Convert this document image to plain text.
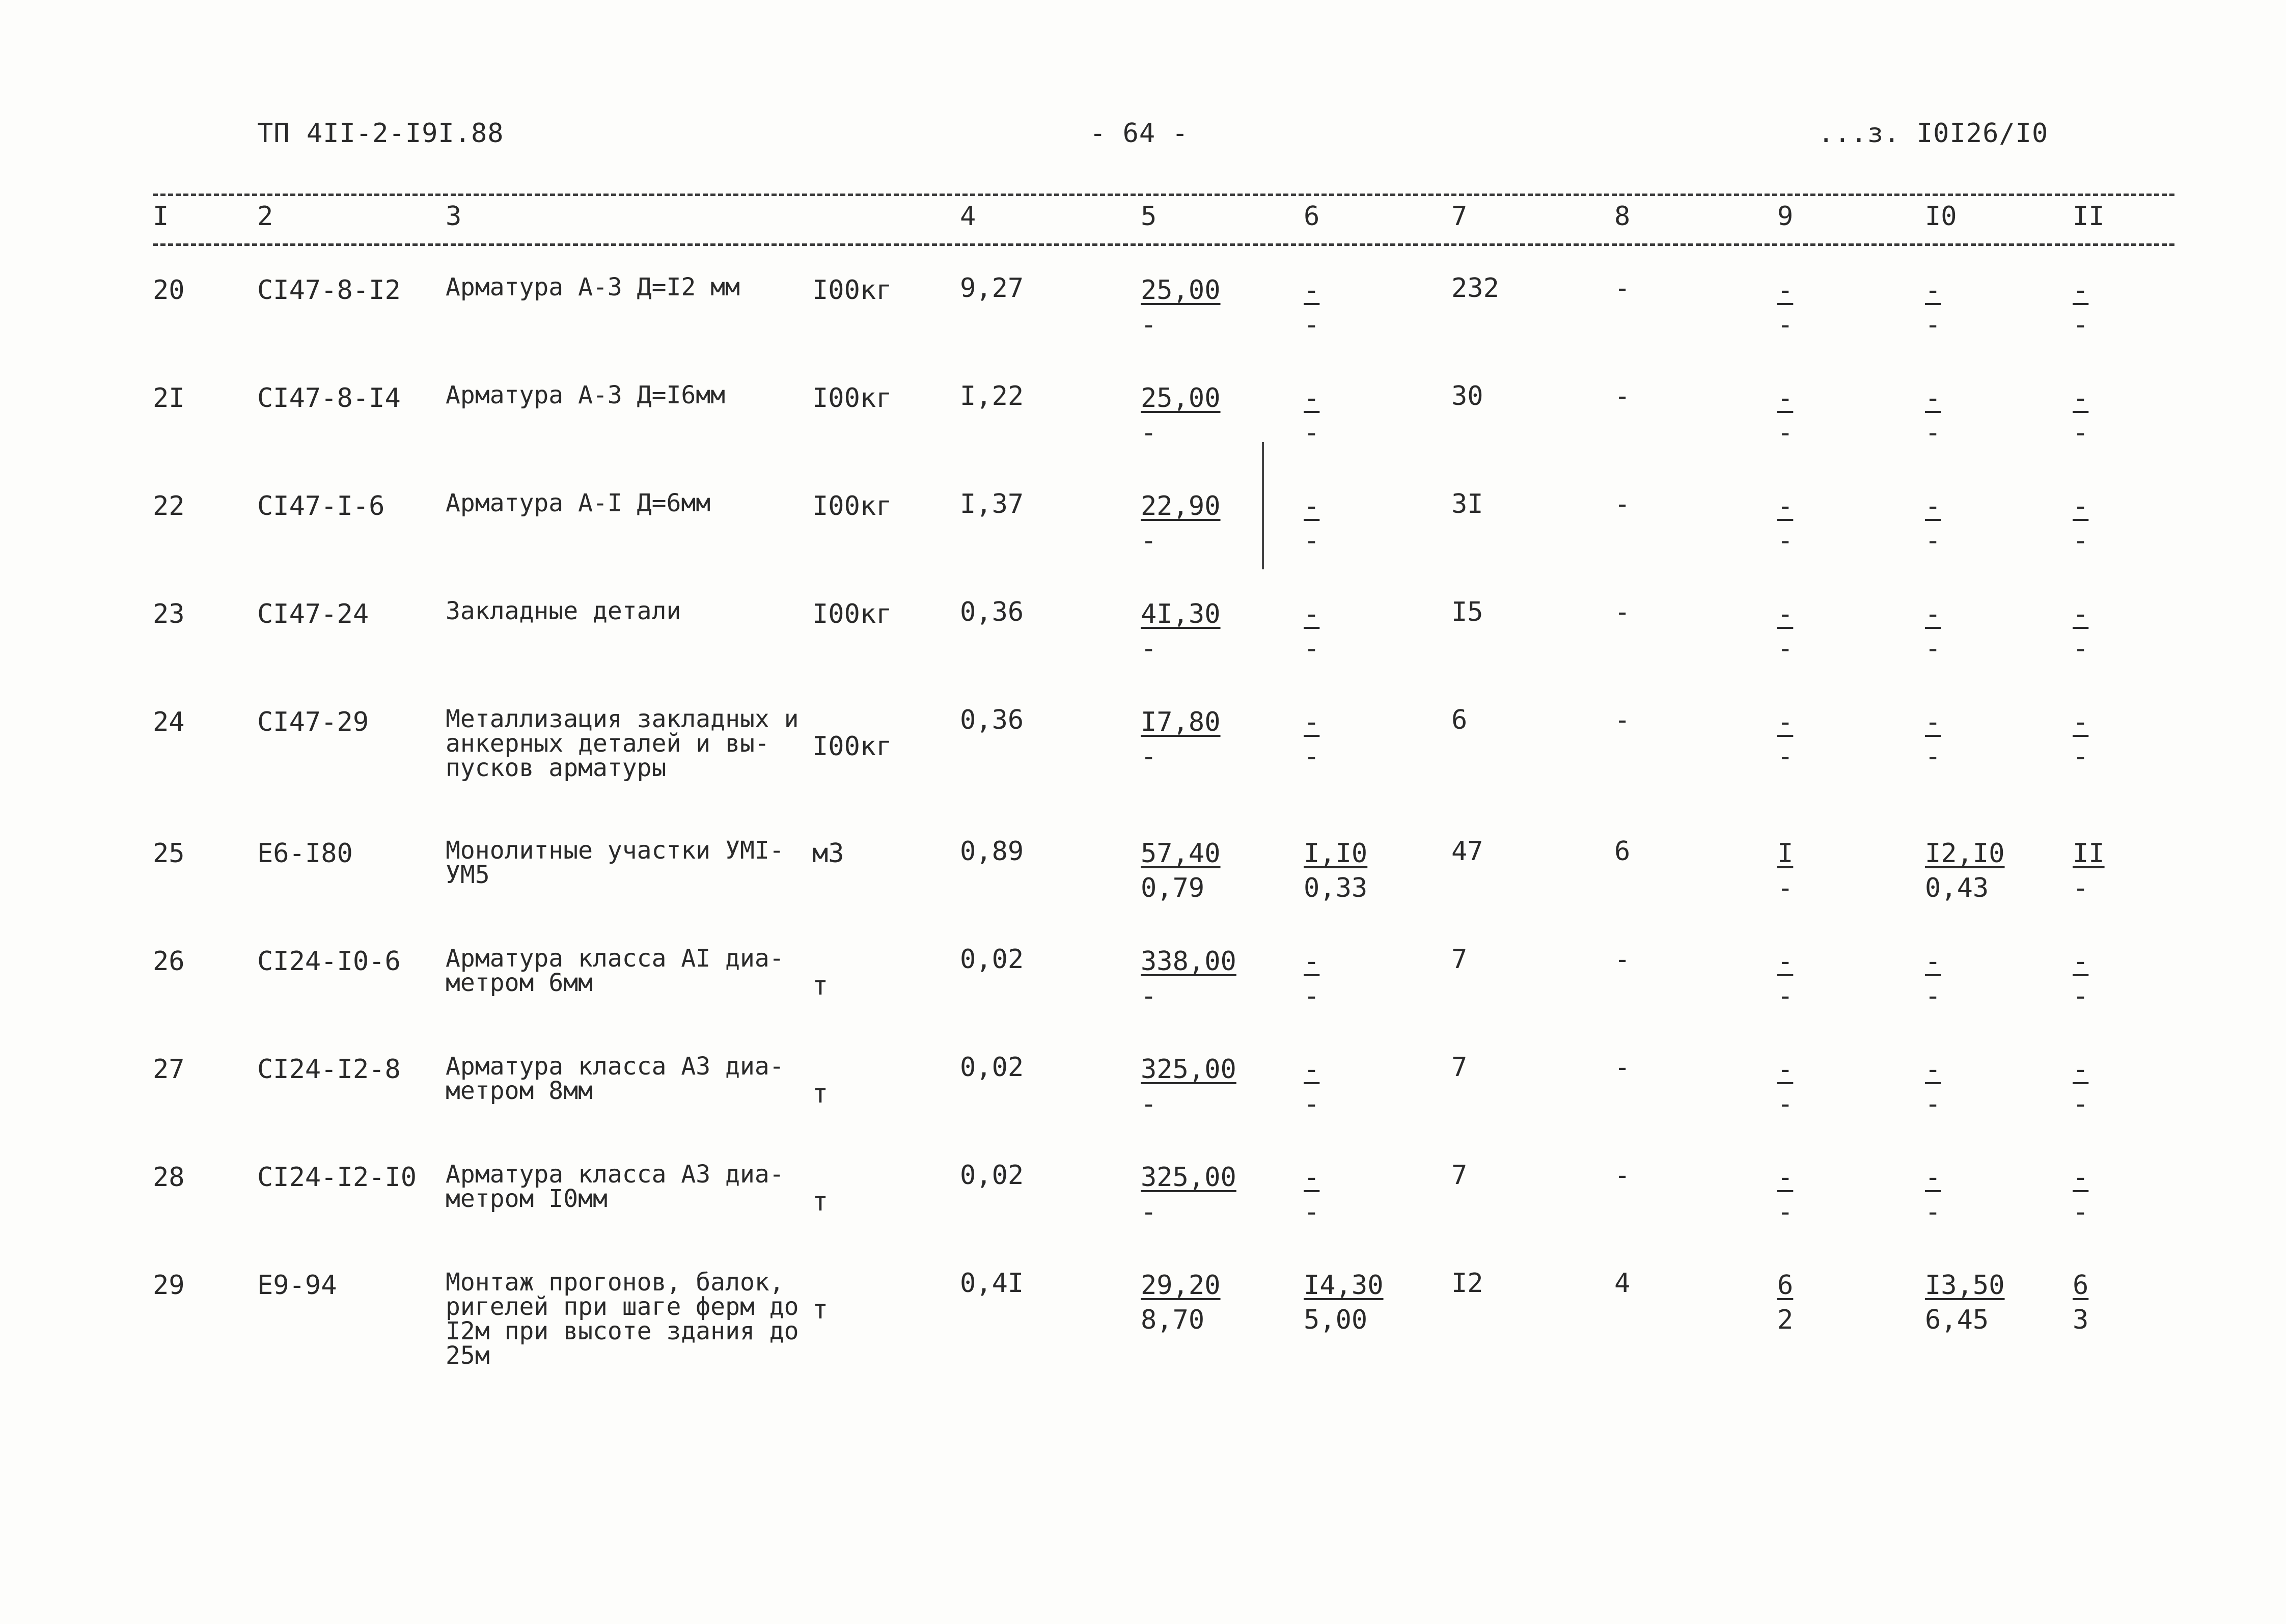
ТП 4II-2-I9I.88	- 64 -	...з. I0I26/I0
I	2	3	4	5	6	7	8	9	I0	II
20	CI47-8-I2	Арматура А-3 Д=I2 мм	I00кг	9,27	$\frac{25,00}{-}$	$\frac{-}{-}$	232	-	$\frac{-}{-}$	$\frac{-}{-}$	$\frac{-}{-}$

2I	CI47-8-I4	Арматура А-3 Д=I6мм	I00кг	I,22	$\frac{25,00}{-}$	$\frac{-}{-}$	30	-	$\frac{-}{-}$	$\frac{-}{-}$	$\frac{-}{-}$

22	CI47-I-6	Арматура А-I Д=6мм	I00кг	I,37	$\frac{22,90}{-}$	$\frac{-}{-}$	3I	-	$\frac{-}{-}$	$\frac{-}{-}$	$\frac{-}{-}$

23	CI47-24	Закладные детали	I00кг	0,36	$\frac{4I,30}{-}$	$\frac{-}{-}$	I5	-	$\frac{-}{-}$	$\frac{-}{-}$	$\frac{-}{-}$

24	CI47-29	Металлизация закладных и анкерных деталей и вы-пусков арматуры	I00кг	0,36	$\frac{I7,80}{-}$	$\frac{-}{-}$	6	-	$\frac{-}{-}$	$\frac{-}{-}$	$\frac{-}{-}$

25	Е6-I80	Монолитные участки УМI-УМ5	м3	0,89	$\frac{57,40}{0,79}$	$\frac{I,I0}{0,33}$	47	6	$\frac{I}{-}$	$\frac{I2,I0}{0,43}$	$\frac{II}{-}$

26	CI24-I0-6	Арматура класса АI диа-метром 6мм	т	0,02	$\frac{338,00}{-}$	$\frac{-}{-}$	7	-	$\frac{-}{-}$	$\frac{-}{-}$	$\frac{-}{-}$

27	CI24-I2-8	Арматура класса А3 диа-метром 8мм	т	0,02	$\frac{325,00}{-}$	$\frac{-}{-}$	7	-	$\frac{-}{-}$	$\frac{-}{-}$	$\frac{-}{-}$

28	CI24-I2-I0	Арматура класса А3 диа-метром I0мм	т	0,02	$\frac{325,00}{-}$	$\frac{-}{-}$	7	-	$\frac{-}{-}$	$\frac{-}{-}$	$\frac{-}{-}$

29	Е9-94	Монтаж прогонов, балок, ригелей при шаге ферм до I2м при высоте здания до 25м	т	0,4I	$\frac{29,20}{8,70}$	$\frac{I4,30}{5,00}$	I2	4	$\frac{6}{2}$	$\frac{I3,50}{6,45}$	$\frac{6}{3}$
